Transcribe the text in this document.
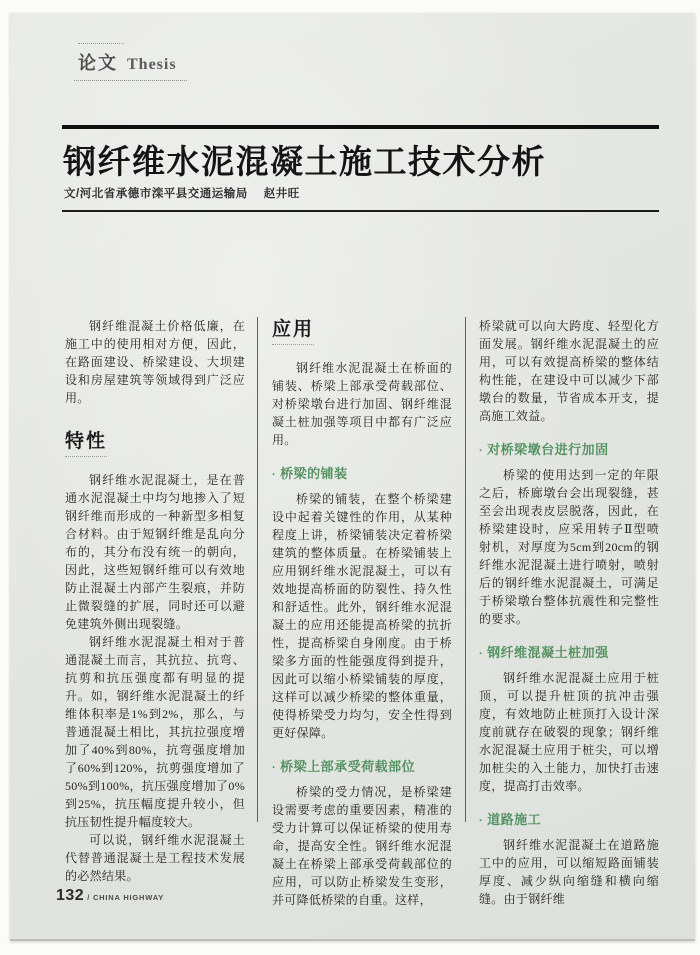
论文 Thesis
钢纤维水泥混凝土施工技术分析
文/河北省承德市滦平县交通运输局 赵井旺

钢纤维混凝土价格低廉，在施工中的使用相对方便，因此，在路面建设、桥梁建设、大坝建设和房屋建筑等领域得到广泛应用。

特性

钢纤维水泥混凝土，是在普通水泥混凝土中均匀地掺入了短钢纤维而形成的一种新型多相复合材料。由于短钢纤维是乱向分布的，其分布没有统一的朝向，因此，这些短钢纤维可以有效地防止混凝土内部产生裂痕，并防止微裂缝的扩展，同时还可以避免建筑外侧出现裂缝。

钢纤维水泥混凝土相对于普通混凝土而言，其抗拉、抗弯、抗剪和抗压强度都有明显的提升。如，钢纤维水泥混凝土的纤维体积率是1%到2%，那么，与普通混凝土相比，其抗拉强度增加了40%到80%，抗弯强度增加了60%到120%，抗剪强度增加了50%到100%，抗压强度增加了0%到25%，抗压幅度提升较小，但抗压韧性提升幅度较大。

可以说，钢纤维水泥混凝土代替普通混凝土是工程技术发展的必然结果。

应用

钢纤维水泥混凝土在桥面的铺装、桥梁上部承受荷载部位、对桥梁墩台进行加固、钢纤维混凝土桩加强等项目中都有广泛应用。

· 桥梁的铺装

桥梁的铺装，在整个桥梁建设中起着关键性的作用，从某种程度上讲，桥梁铺装决定着桥梁建筑的整体质量。在桥梁铺装上应用钢纤维水泥混凝土，可以有效地提高桥面的防裂性、持久性和舒适性。此外，钢纤维水泥混凝土的应用还能提高桥梁的抗折性，提高桥梁自身刚度。由于桥梁多方面的性能强度得到提升，因此可以缩小桥梁铺装的厚度，这样可以减少桥梁的整体重量，使得桥梁受力均匀，安全性得到更好保障。

· 桥梁上部承受荷载部位

桥梁的受力情况，是桥梁建设需要考虑的重要因素，精准的受力计算可以保证桥梁的使用寿命，提高安全性。钢纤维水泥混凝土在桥梁上部承受荷载部位的应用，可以防止桥梁发生变形，并可降低桥梁的自重。这样，

桥梁就可以向大跨度、轻型化方面发展。钢纤维水泥混凝土的应用，可以有效提高桥梁的整体结构性能，在建设中可以减少下部墩台的数量，节省成本开支，提高施工效益。

· 对桥梁墩台进行加固

桥梁的使用达到一定的年限之后，桥廊墩台会出现裂缝，甚至会出现表皮层脱落，因此，在桥梁建设时，应采用转子Ⅱ型喷射机，对厚度为5cm到20cm的钢纤维水泥混凝土进行喷射，喷射后的钢纤维水泥混凝土，可满足于桥梁墩台整体抗震性和完整性的要求。

· 钢纤维混凝土桩加强

钢纤维水泥混凝土应用于桩顶，可以提升桩顶的抗冲击强度，有效地防止桩顶打入设计深度前就存在破裂的现象；钢纤维水泥混凝土应用于桩尖，可以增加桩尖的入土能力，加快打击速度，提高打击效率。

· 道路施工

钢纤维水泥混凝土在道路施工中的应用，可以缩短路面铺装厚度、减少纵向缩缝和横向缩缝。由于钢纤维

132 / CHINA HIGHWAY
